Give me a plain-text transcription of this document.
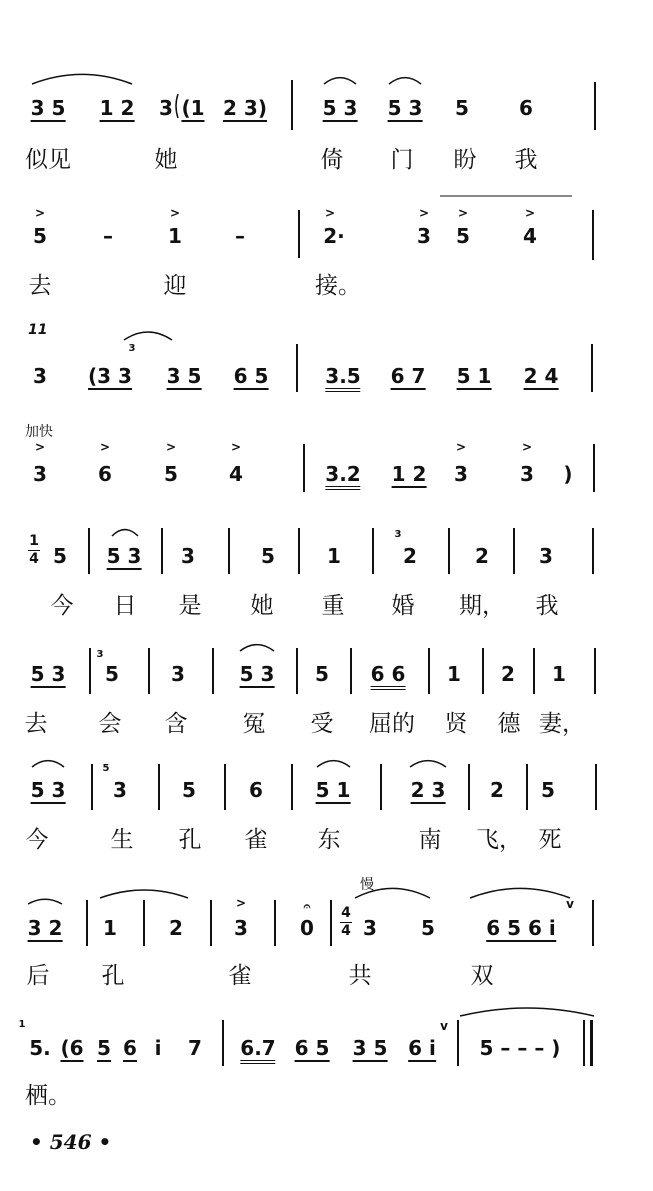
3 5 1 2 3 (1 2 3)	5 3 5 3 5	6
似见	她	倚 门 盼 我
>	>	>	> >	>
5	–	1	–	2·	3 5	4
去	迎	接。
11
3
3 (3 3 3 5 6 5	3.5 6 7 5 1 2 4
加快
>	>	>	>	>	>
3	6	5	4	3.2 1 2 3	3 )
1
4 5 5 3 3	5	1
3
2	2	3
今 日 是 她 重 婚 期， 我
5 3
3
5	3	5 3 5 6 6 1 2 1
去 会 含 冤 受 屈的 贤 德 妻，
5 3
5
3	5	6	5 1	2 3 2 5
今	生 孔 雀 东	南 飞， 死
慢
3 2 1	2
>
3
𝄐
0
4
4 3 5	6 5 6 i
v
后 孔	雀	共	双
1
5. (6 5 6 i 7 6.7 6 5 3 5 6 i
v
5 – – – )
栖。
• 546 •
